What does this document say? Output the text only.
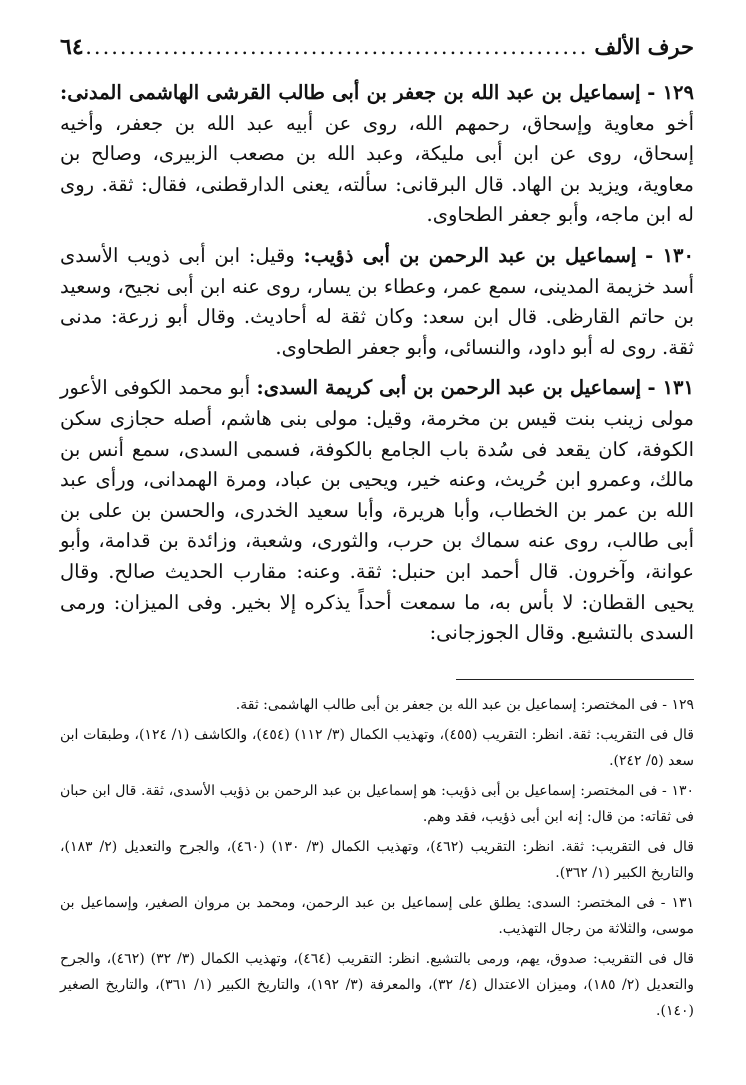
حرف الألف
..........................................................
٦٤

١٢٩ - إسماعيل بن عبد الله بن جعفر بن أبى طالب القرشى الهاشمى المدنى: أخو معاوية وإسحاق، رحمهم الله، روى عن أبيه عبد الله بن جعفر، وأخيه إسحاق، روى عن ابن أبى مليكة، وعبد الله بن مصعب الزبيرى، وصالح بن معاوية، ويزيد بن الهاد. قال البرقانى: سألته، يعنى الدارقطنى، فقال: ثقة. روى له ابن ماجه، وأبو جعفر الطحاوى.

١٣٠ - إسماعيل بن عبد الرحمن بن أبى ذؤيب: وقيل: ابن أبى ذويب الأسدى أسد خزيمة المدينى، سمع عمر، وعطاء بن يسار، روى عنه ابن أبى نجيح، وسعيد بن حاتم القارظى. قال ابن سعد: وكان ثقة له أحاديث. وقال أبو زرعة: مدنى ثقة. روى له أبو داود، والنسائى، وأبو جعفر الطحاوى.

١٣١ - إسماعيل بن عبد الرحمن بن أبى كريمة السدى: أبو محمد الكوفى الأعور مولى زينب بنت قيس بن مخرمة، وقيل: مولى بنى هاشم، أصله حجازى سكن الكوفة، كان يقعد فى سُدة باب الجامع بالكوفة، فسمى السدى، سمع أنس بن مالك، وعمرو ابن حُريث، وعنه خير، ويحيى بن عباد، ومرة الهمدانى، ورأى عبد الله بن عمر بن الخطاب، وأبا هريرة، وأبا سعيد الخدرى، والحسن بن على بن أبى طالب، روى عنه سماك بن حرب، والثورى، وشعبة، وزائدة بن قدامة، وأبو عوانة، وآخرون. قال أحمد ابن حنبل: ثقة. وعنه: مقارب الحديث صالح. وقال يحيى القطان: لا بأس به، ما سمعت أحداً يذكره إلا بخير. وفى الميزان: ورمى السدى بالتشيع. وقال الجوزجانى:

١٢٩ - فى المختصر: إسماعيل بن عبد الله بن جعفر بن أبى طالب الهاشمى: ثقة.

قال فى التقريب: ثقة. انظر: التقريب (٤٥٥)، وتهذيب الكمال (٣/ ١١٢) (٤٥٤)، والكاشف (١/ ١٢٤)، وطبقات ابن سعد (٥/ ٢٤٢).

١٣٠ - فى المختصر: إسماعيل بن أبى ذؤيب: هو إسماعيل بن عبد الرحمن بن ذؤيب الأسدى، ثقة. قال ابن حبان فى ثقاته: من قال: إنه ابن أبى ذؤيب، فقد وهم.

قال فى التقريب: ثقة. انظر: التقريب (٤٦٢)، وتهذيب الكمال (٣/ ١٣٠) (٤٦٠)، والجرح والتعديل (٢/ ١٨٣)، والتاريخ الكبير (١/ ٣٦٢).

١٣١ - فى المختصر: السدى: يطلق على إسماعيل بن عبد الرحمن، ومحمد بن مروان الصغير، وإسماعيل بن موسى، والثلاثة من رجال التهذيب.

قال فى التقريب: صدوق، يهم، ورمى بالتشيع. انظر: التقريب (٤٦٤)، وتهذيب الكمال (٣/ ٣٢) (٤٦٢)، والجرح والتعديل (٢/ ١٨٥)، وميزان الاعتدال (٤/ ٣٢)، والمعرفة (٣/ ١٩٢)، والتاريخ الكبير (١/ ٣٦١)، والتاريخ الصغير (١٤٠).
